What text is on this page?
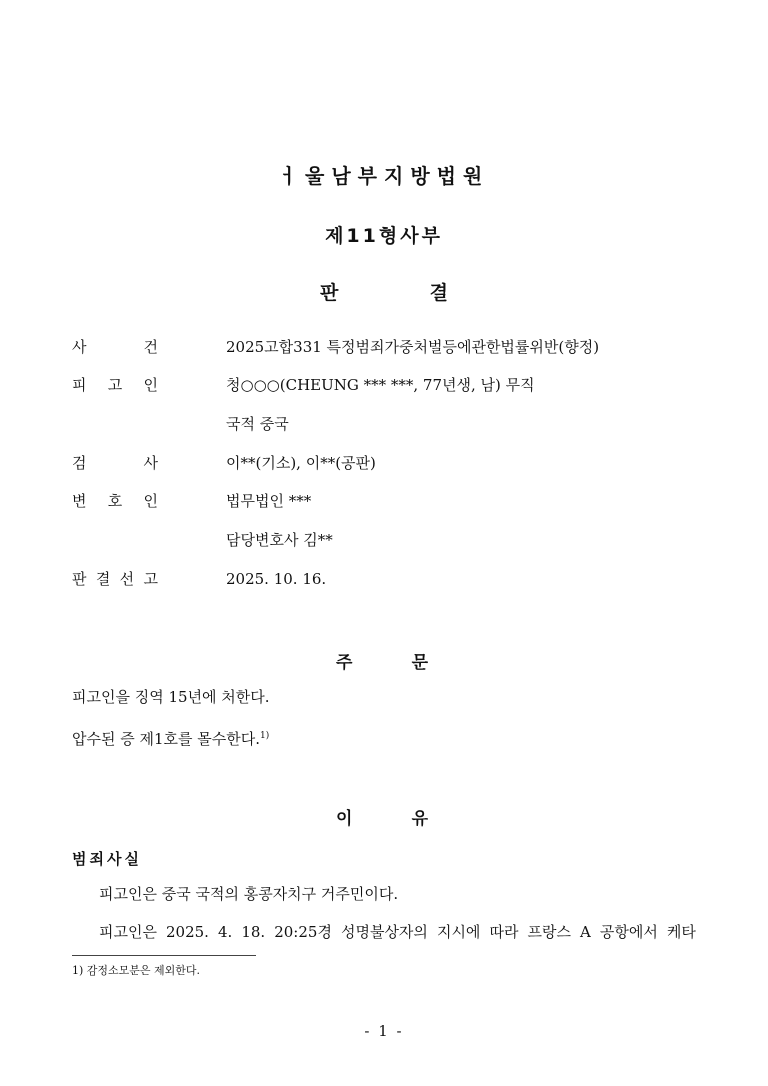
ㅓ울남부지방법원
제11형사부
판	결
사	건	2025고합331 특정범죄가중처벌등에관한법률위반(향정)
피 고 인	청○○○(CHEUNG *** ***, 77년생, 남) 무직
국적 중국
검	사	이**(기소), 이**(공판)
변 호 인	법무법인 ***
담당변호사 김**
판 결 선 고	2025. 10. 16.
주	문
피고인을 징역 15년에 처한다.
압수된 증 제1호를 몰수한다.$^{1)}$
이	유
범죄사실
피고인은 중국 국적의 홍콩자치구 거주민이다.
피고인은 2025. 4. 18. 20:25경 성명불상자의 지시에 따라 프랑스 A 공항에서 케타
1) 감정소모분은 제외한다.
- 1 -
